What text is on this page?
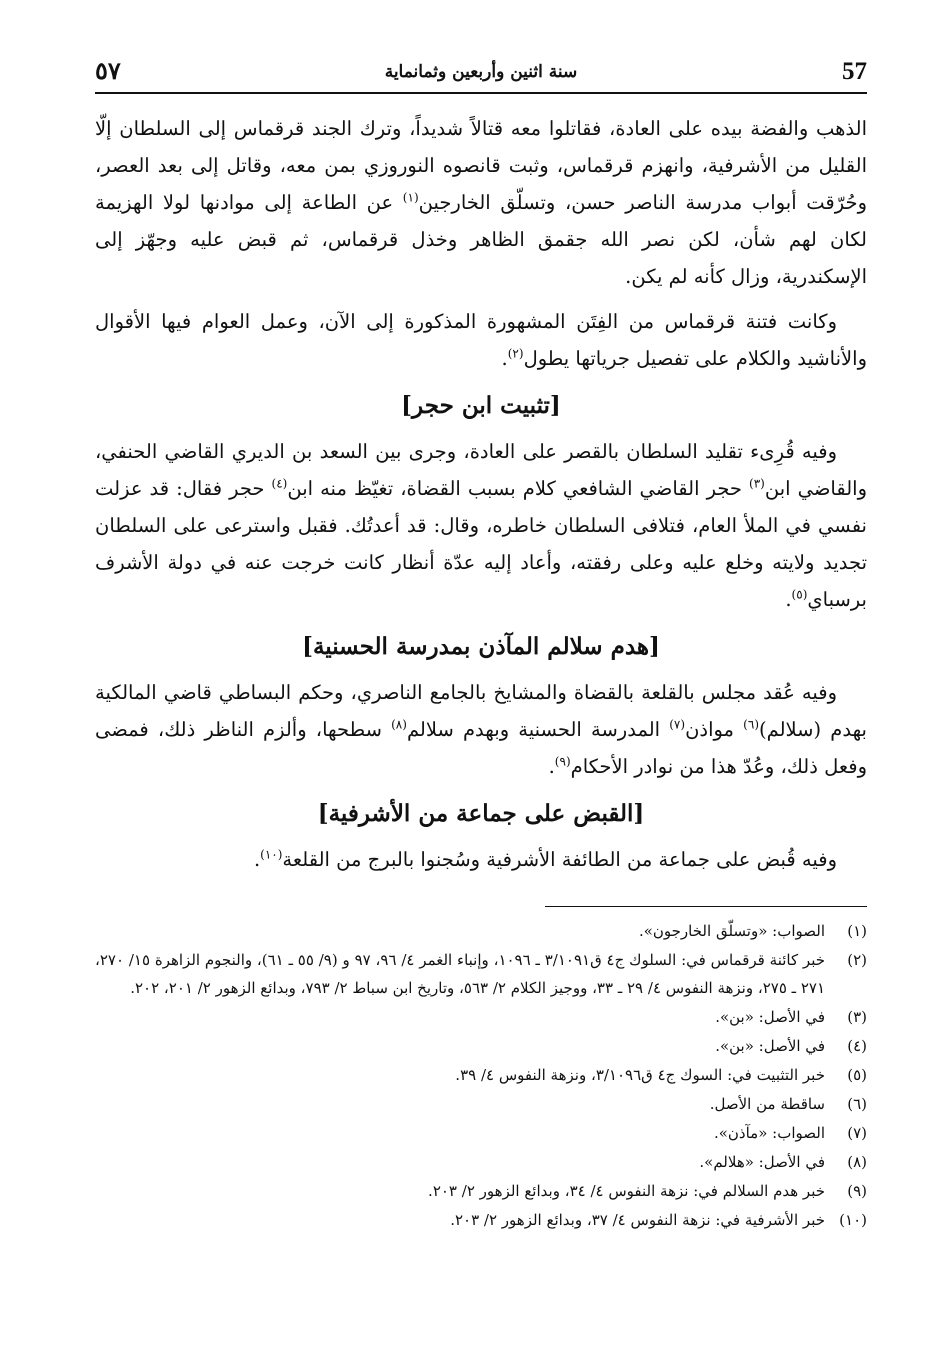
٥٧	سنة اثنين وأربعين وثمانماية	57

الذهب والفضة بيده على العادة، فقاتلوا معه قتالاً شديداً، وترك الجند قرقماس إلى السلطان إلّا القليل من الأشرفية، وانهزم قرقماس، وثبت قانصوه النوروزي بمن معه، وقاتل إلى بعد العصر، وحُرّقت أبواب مدرسة الناصر حسن، وتسلّق الخارجين$^{(١)}$ عن الطاعة إلى موادنها لولا الهزيمة لكان لهم شأن، لكن نصر الله جقمق الظاهر وخذل قرقماس، ثم قبض عليه وجهّز إلى الإسكندرية، وزال كأنه لم يكن.

وكانت فتنة قرقماس من الفِتَن المشهورة المذكورة إلى الآن، وعمل العوام فيها الأقوال والأناشيد والكلام على تفصيل جرياتها يطول$^{(٢)}$.

[تثبيت ابن حجر]

وفيه قُرِىء تقليد السلطان بالقصر على العادة، وجرى بين السعد بن الديري القاضي الحنفي، والقاضي ابن$^{(٣)}$ حجر القاضي الشافعي كلام بسبب القضاة، تغيّظ منه ابن$^{(٤)}$ حجر فقال: قد عزلت نفسي في الملأ العام، فتلافى السلطان خاطره، وقال: قد أعدتُك. فقبل واسترعى على السلطان تجديد ولايته وخلع عليه وعلى رفقته، وأعاد إليه عدّة أنظار كانت خرجت عنه في دولة الأشرف برسباي$^{(٥)}$.

[هدم سلالم المآذن بمدرسة الحسنية]

وفيه عُقد مجلس بالقلعة بالقضاة والمشايخ بالجامع الناصري، وحكم البساطي قاضي المالكية بهدم (سلالم)$^{(٦)}$ مواذن$^{(٧)}$ المدرسة الحسنية وبهدم سلالم$^{(٨)}$ سطحها، وألزم الناظر ذلك، فمضى وفعل ذلك، وعُدّ هذا من نوادر الأحكام$^{(٩)}$.

[القبض على جماعة من الأشرفية]

وفيه قُبض على جماعة من الطائفة الأشرفية وسُجنوا بالبرج من القلعة$^{(١٠)}$.

(١)
الصواب: «وتسلّق الخارجون».
(٢)
خبر كائنة قرقماس في: السلوك ج٤ ق٣/١٠٩١ ـ ١٠٩٦، وإنباء الغمر ٤/ ٩٦، ٩٧ و (٩/ ٥٥ ـ ٦١)، والنجوم الزاهرة ١٥/ ٢٧٠، ٢٧١ ـ ٢٧٥، ونزهة النفوس ٤/ ٢٩ ـ ٣٣، ووجيز الكلام ٢/ ٥٦٣، وتاريخ ابن سباط ٢/ ٧٩٣، وبدائع الزهور ٢/ ٢٠١، ٢٠٢.
(٣)
في الأصل: «بن».
(٤)
في الأصل: «بن».
(٥)
خبر التثبيت في: السوك ج٤ ق٣/١٠٩٦، ونزهة النفوس ٤/ ٣٩.
(٦)
ساقطة من الأصل.
(٧)
الصواب: «مآذن».
(٨)
في الأصل: «هلالم».
(٩)
خبر هدم السلالم في: نزهة النفوس ٤/ ٣٤، وبدائع الزهور ٢/ ٢٠٣.
(١٠)
خبر الأشرفية في: نزهة النفوس ٤/ ٣٧، وبدائع الزهور ٢/ ٢٠٣.
